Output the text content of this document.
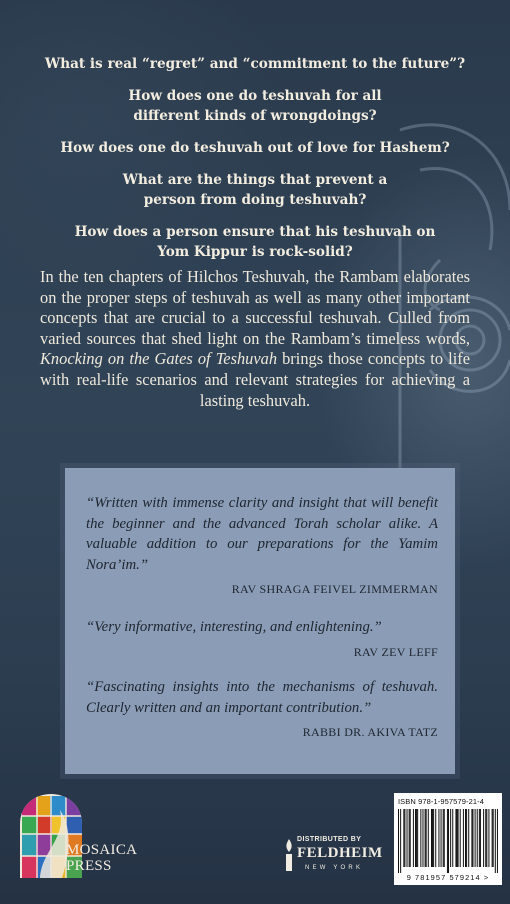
What is real “regret” and “commitment to the future”?

How does one do teshuvah for all different kinds of wrongdoings?

How does one do teshuvah out of love for Hashem?

What are the things that prevent a person from doing teshuvah?

How does a person ensure that his teshuvah on Yom Kippur is rock-solid?

In the ten chapters of Hilchos Teshuvah, the Rambam elaborates on the proper steps of teshuvah as well as many other important concepts that are crucial to a successful teshuvah. Culled from varied sources that shed light on the Rambam’s timeless words, Knocking on the Gates of Teshuvah brings those concepts to life with real-life scenarios and relevant strategies for achieving a lasting teshuvah.

“Written with immense clarity and insight that will benefit the beginner and the advanced Torah scholar alike. A valuable addition to our preparations for the Yamim Nora’im.”

RAV SHRAGA FEIVEL ZIMMERMAN

“Very informative, interesting, and enlightening.”

RAV ZEV LEFF

“Fascinating insights into the mechanisms of teshuvah. Clearly written and an important contribution.”

RABBI DR. AKIVA TATZ

MOSAICA
PRESS
DISTRIBUTED BY
FELDHEIM
NEW YORK
ISBN 978-1-957579-21-4
9 781957 579214 >
